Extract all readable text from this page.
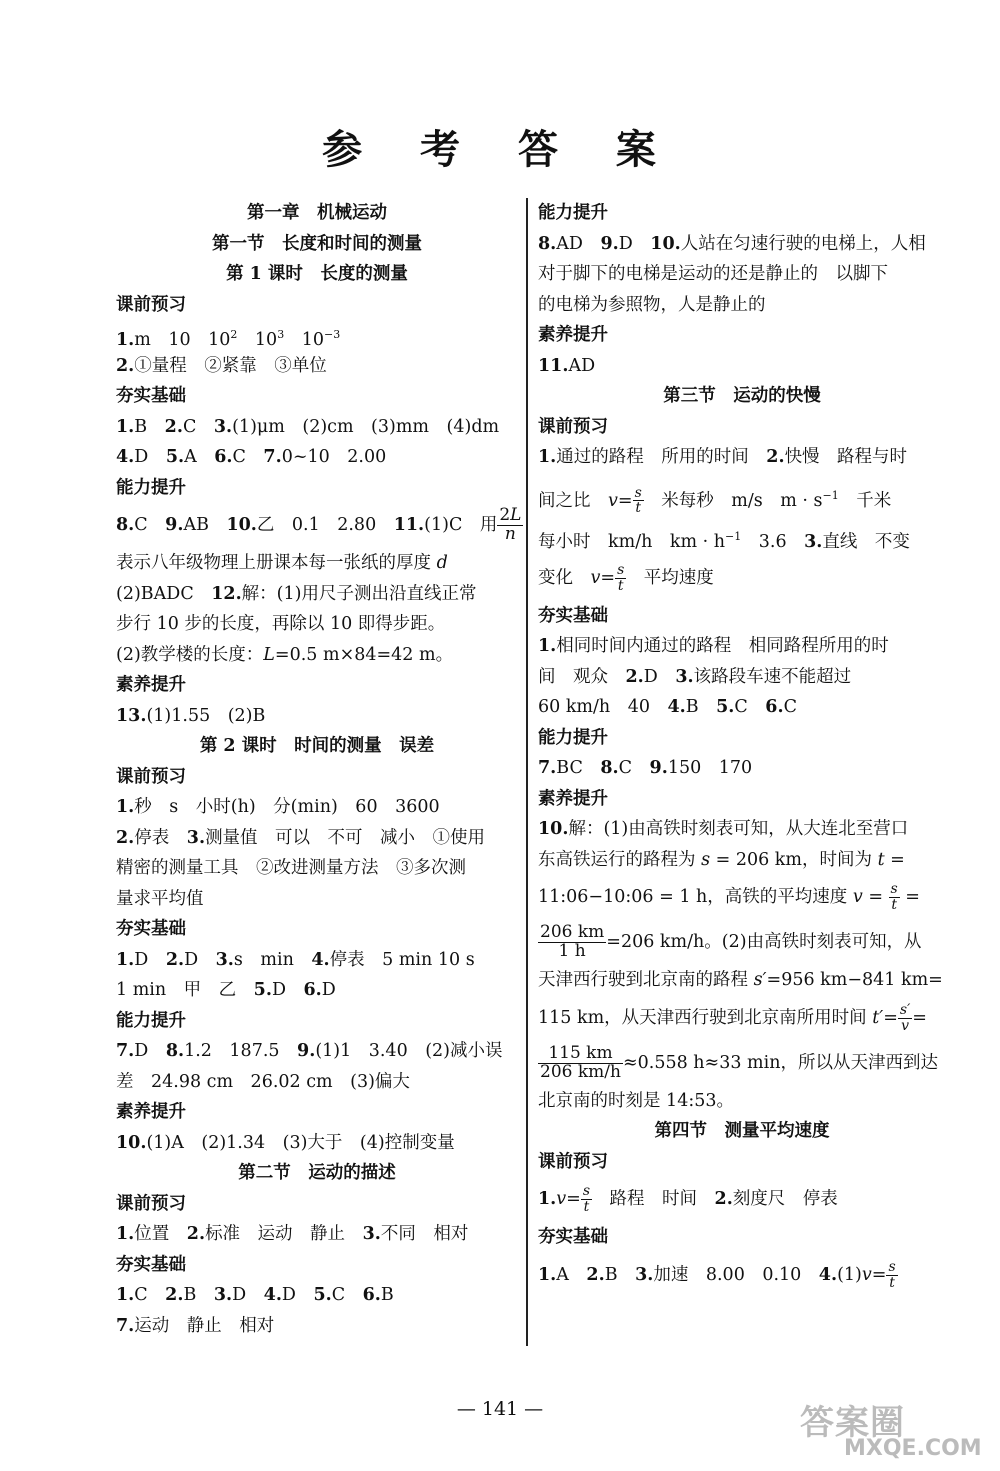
参 考 答 案
第一章　机械运动
第一节　长度和时间的测量
第 1 课时　长度的测量
课前预习
1.m　10　$10^2$　$10^3$　$10^{-3}$
2.①量程　②紧靠　③单位
夯实基础
1.B　2.C　3.(1)μm　(2)cm　(3)mm　(4)dm
4.D　5.A　6.C　7.0~10　2.00
能力提升
8.C　9.AB　10.乙　0.1　2.80　11.(1)C　用 $\frac{2L}{n}$
表示八年级物理上册课本每一张纸的厚度 d
(2)BADC　12.解：(1)用尺子测出沿直线正常
步行 10 步的长度，再除以 10 即得步距。
(2)教学楼的长度：L=0.5 m×84=42 m。
素养提升
13.(1)1.55　(2)B
第 2 课时　时间的测量　误差
课前预习
1.秒　s　小时(h)　分(min)　60　3600
2.停表　3.测量值　可以　不可　减小　①使用
精密的测量工具　②改进测量方法　③多次测
量求平均值
夯实基础
1.D　2.D　3.s　min　4.停表　5 min 10 s
1 min　甲　乙　5.D　6.D
能力提升
7.D　8.1.2　187.5　9.(1)1　3.40　(2)减小误
差　24.98 cm　26.02 cm　(3)偏大
素养提升
10.(1)A　(2)1.34　(3)大于　(4)控制变量
第二节　运动的描述
课前预习
1.位置　2.标准　运动　静止　3.不同　相对
夯实基础
1.C　2.B　3.D　4.D　5.C　6.B
7.运动　静止　相对
能力提升
8.AD　9.D　10.人站在匀速行驶的电梯上，人相
对于脚下的电梯是运动的还是静止的　以脚下
的电梯为参照物，人是静止的
素养提升
11.AD
第三节　运动的快慢
课前预习
1.通过的路程　所用的时间　2.快慢　路程与时
间之比　$v= \frac{s}{t}$ 　米每秒　m/s　$m \cdot s^{-1}$　千米
每小时　km/h　km · $h^{-1}$　3.6　3.直线　不变
变化　$v= \frac{s}{t}$ 　平均速度
夯实基础
1.相同时间内通过的路程　相同路程所用的时
间　观众　2.D　3.该路段车速不能超过
60 km/h　40　4.B　5.C　6.C
能力提升
7.BC　8.C　9.150　170
素养提升
10.解：(1)由高铁时刻表可知，从大连北至营口
东高铁运行的路程为 s = 206 km，时间为 t =
11:06−10:06 = 1 h，高铁的平均速度 $v = \frac{s}{t}$ =
$\frac{206 km}{1 h} =206$ km/h。(2)由高铁时刻表可知，从
天津西行驶到北京南的路程 s′=956 km−841 km=
115 km，从天津西行驶到北京南所用时间 $t'= \frac{s'}{v}$ =
$\frac{115 km}{206 km/h} \approx 0.558$ h≈33 min，所以从天津西到达
北京南的时刻是 14:53。
第四节　测量平均速度
课前预习
$1.v= \frac{s}{t}$ 　路程　时间　2.刻度尺　停表
夯实基础
1.A　2.B　3.加速　8.00　0.10　$4.(1)v= \frac{s}{t}$
— 141 —	答案圈
MXQE.COM
